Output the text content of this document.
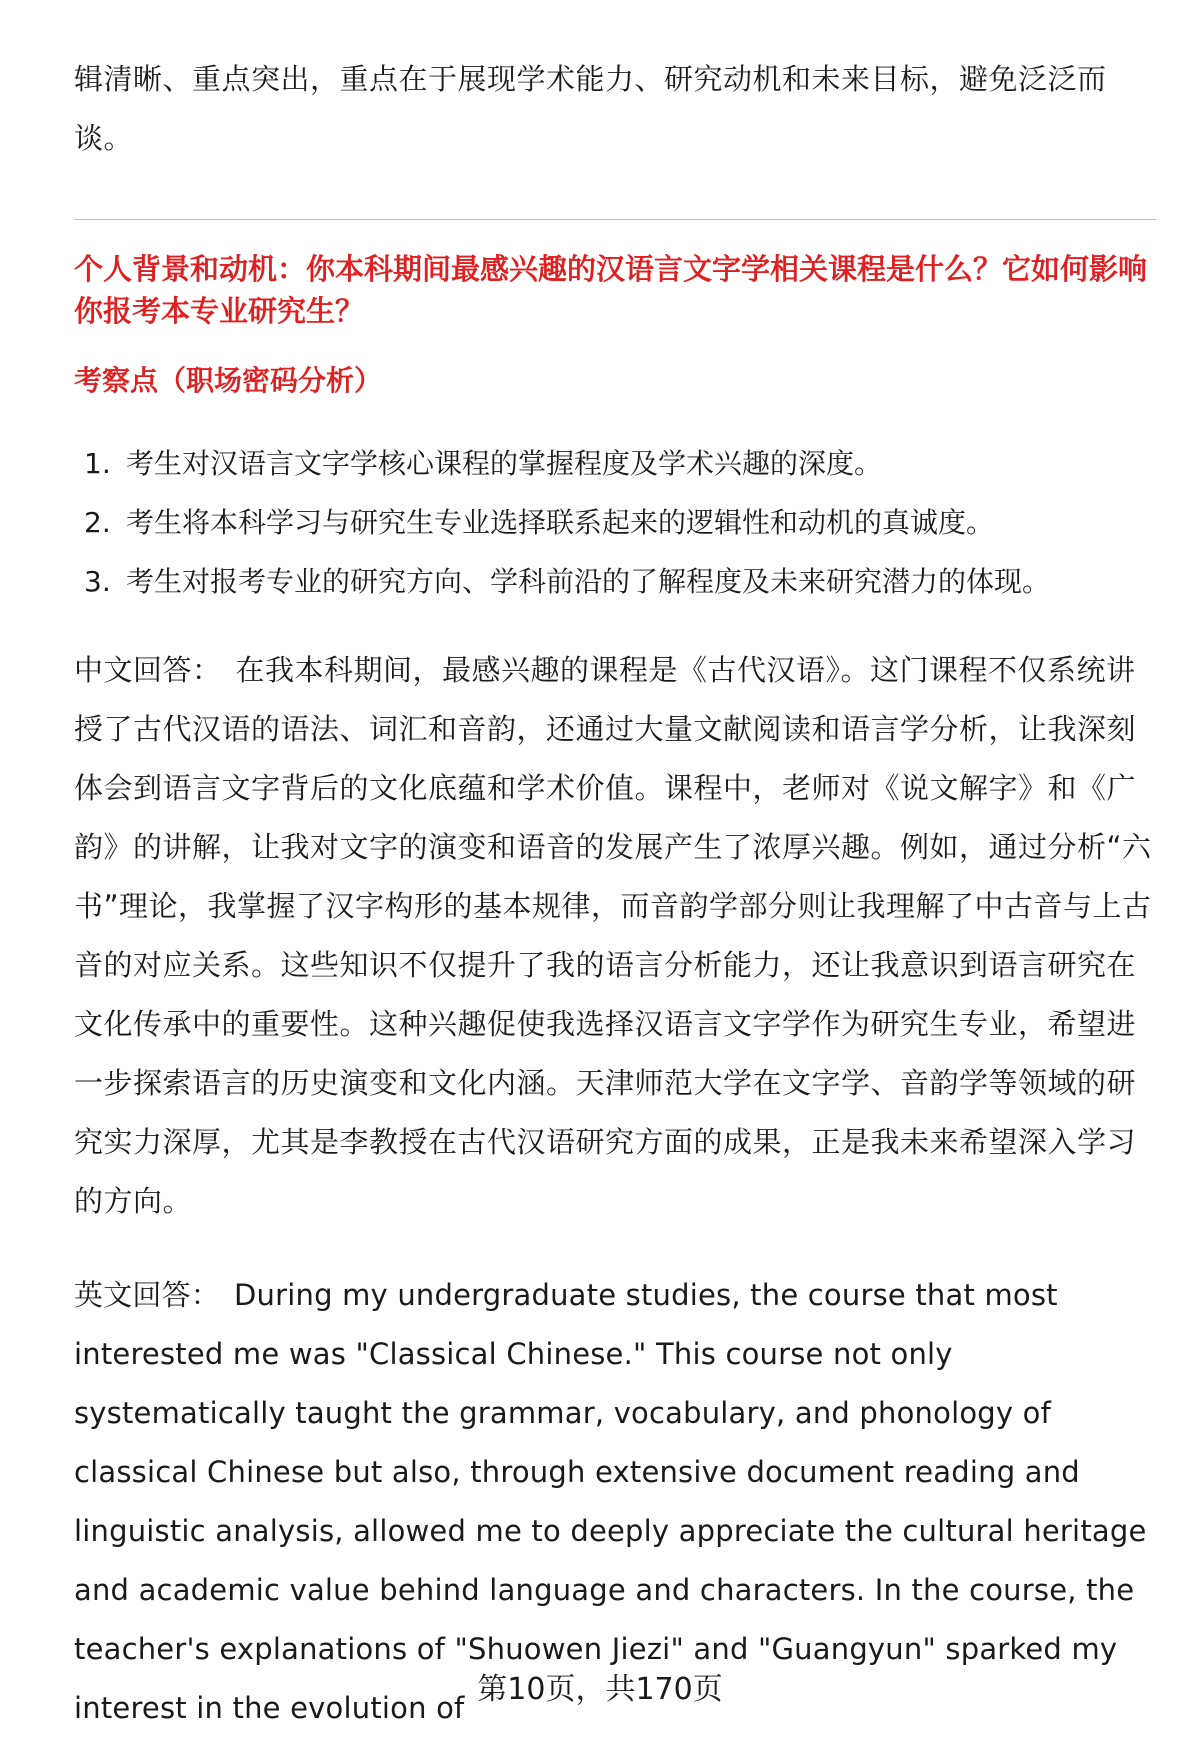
辑清晰、重点突出，重点在于展现学术能力、研究动机和未来目标，避免泛泛而谈。

个人背景和动机：你本科期间最感兴趣的汉语言文字学相关课程是什么？它如何影响你报考本专业研究生？
考察点（职场密码分析）
1. 考生对汉语言文字学核心课程的掌握程度及学术兴趣的深度。
2. 考生将本科学习与研究生专业选择联系起来的逻辑性和动机的真诚度。
3. 考生对报考专业的研究方向、学科前沿的了解程度及未来研究潜力的体现。

中文回答： 在我本科期间，最感兴趣的课程是《古代汉语》。这门课程不仅系统讲授了古代汉语的语法、词汇和音韵，还通过大量文献阅读和语言学分析，让我深刻体会到语言文字背后的文化底蕴和学术价值。课程中，老师对《说文解字》和《广韵》的讲解，让我对文字的演变和语音的发展产生了浓厚兴趣。例如，通过分析“六书”理论，我掌握了汉字构形的基本规律，而音韵学部分则让我理解了中古音与上古音的对应关系。这些知识不仅提升了我的语言分析能力，还让我意识到语言研究在文化传承中的重要性。这种兴趣促使我选择汉语言文字学作为研究生专业，希望进一步探索语言的历史演变和文化内涵。天津师范大学在文字学、音韵学等领域的研究实力深厚，尤其是李教授在古代汉语研究方面的成果，正是我未来希望深入学习的方向。

英文回答： During my undergraduate studies, the course that most interested me was "Classical Chinese." This course not only systematically taught the grammar, vocabulary, and phonology of classical Chinese but also, through extensive document reading and linguistic analysis, allowed me to deeply appreciate the cultural heritage and academic value behind language and characters. In the course, the teacher's explanations of "Shuowen Jiezi" and "Guangyun" sparked my interest in the evolution of

第10页，共170页
